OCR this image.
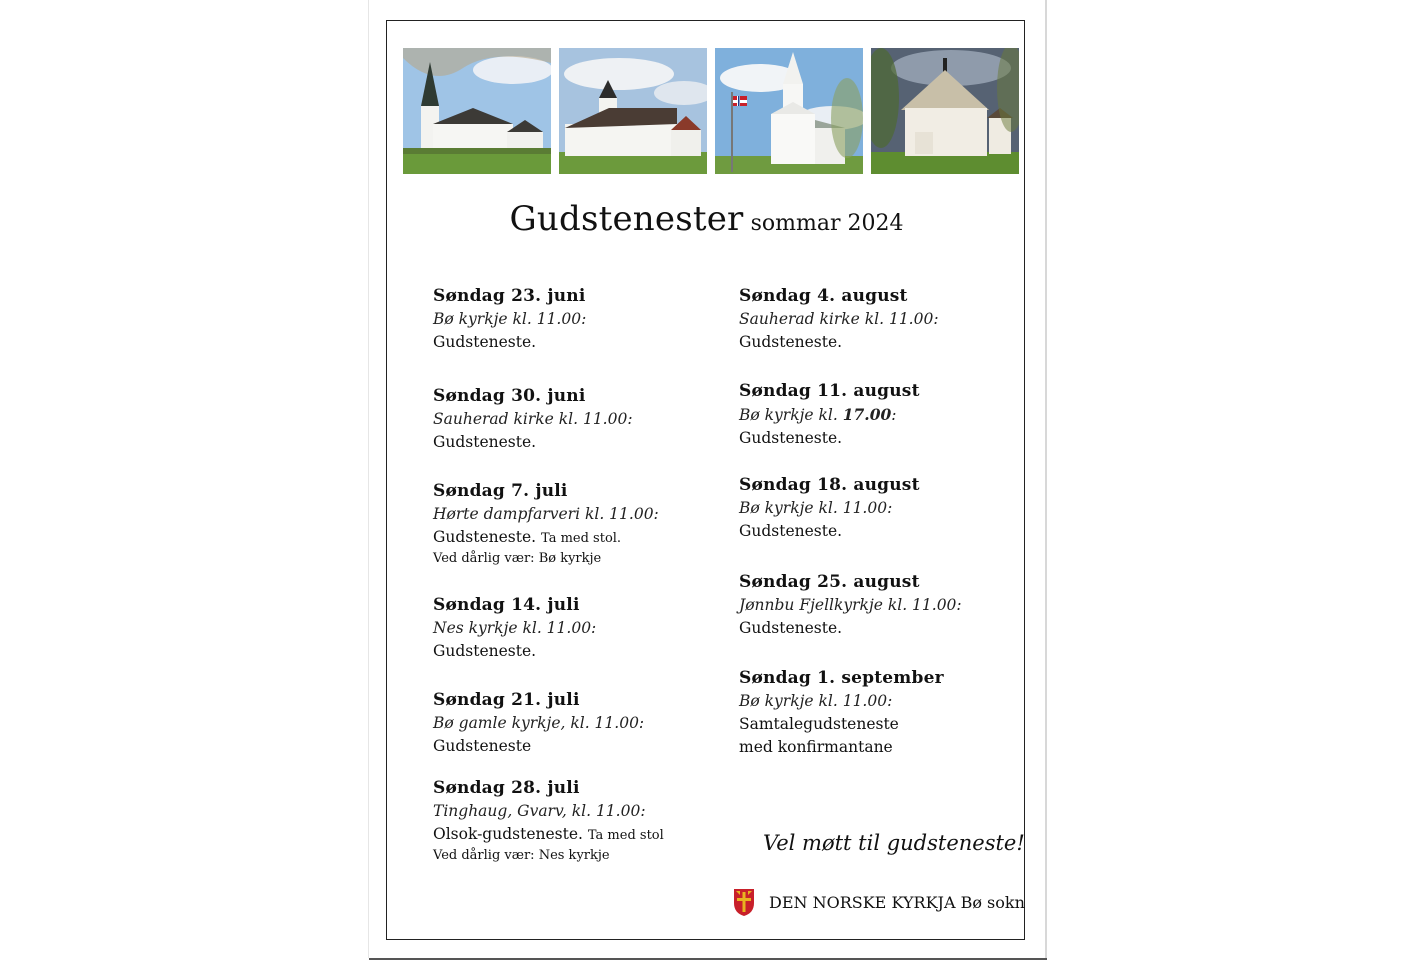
Gudstenester sommar 2024
Søndag 23. juni
Bø kyrkje kl. 11.00:
Gudsteneste.
Søndag 30. juni
Sauherad kirke kl. 11.00:
Gudsteneste.
Søndag 7. juli
Hørte dampfarveri kl. 11.00:
Gudsteneste. Ta med stol.
Ved dårlig vær: Bø kyrkje
Søndag 14. juli
Nes kyrkje kl. 11.00:
Gudsteneste.
Søndag 21. juli
Bø gamle kyrkje, kl. 11.00:
Gudsteneste
Søndag 28. juli
Tinghaug, Gvarv, kl. 11.00:
Olsok-gudsteneste. Ta med stol
Ved dårlig vær: Nes kyrkje
Søndag 4. august
Sauherad kirke kl. 11.00:
Gudsteneste.
Søndag 11. august
Bø kyrkje kl. 17.00:
Gudsteneste.
Søndag 18. august
Bø kyrkje kl. 11.00:
Gudsteneste.
Søndag 25. august
Jønnbu Fjellkyrkje kl. 11.00:
Gudsteneste.
Søndag 1. september
Bø kyrkje kl. 11.00:
Samtalegudsteneste
med konfirmantane
Vel møtt til gudsteneste!
DEN NORSKE KYRKJA Bø sokn
